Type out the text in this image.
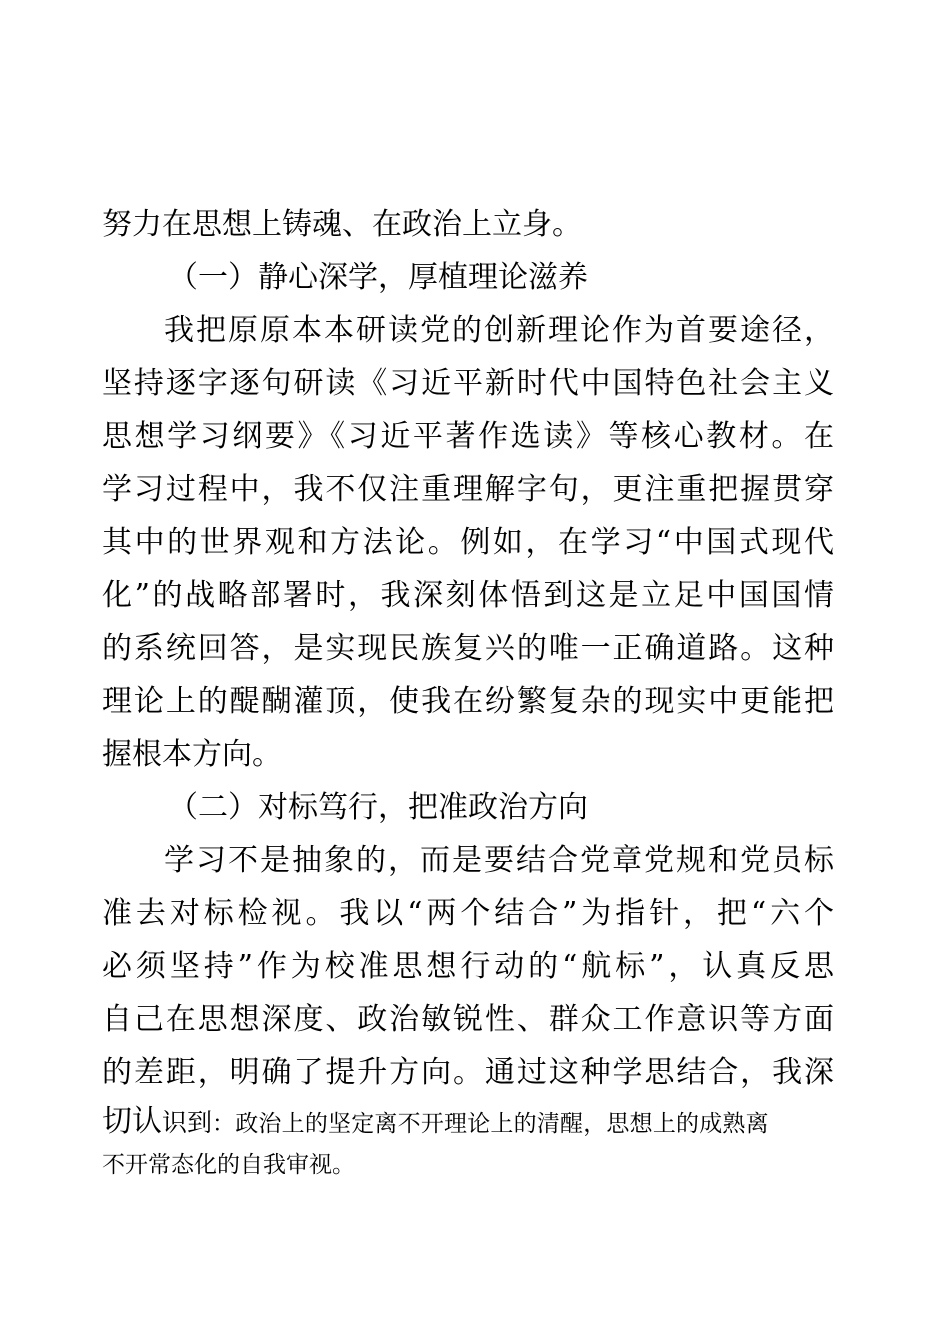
努力在思想上铸魂、在政治上立身。
（一）静心深学，厚植理论滋养
我把原原本本研读党的创新理论作为首要途径，
坚持逐字逐句研读《习近平新时代中国特色社会主义
思想学习纲要》《习近平著作选读》等核心教材。在
学习过程中，我不仅注重理解字句，更注重把握贯穿
其中的世界观和方法论。例如，在学习“中国式现代
化”的战略部署时，我深刻体悟到这是立足中国国情
的系统回答，是实现民族复兴的唯一正确道路。这种
理论上的醍醐灌顶，使我在纷繁复杂的现实中更能把
握根本方向。
（二）对标笃行，把准政治方向
学习不是抽象的，而是要结合党章党规和党员标
准去对标检视。我以“两个结合”为指针，把“六个
必须坚持”作为校准思想行动的“航标”，认真反思
自己在思想深度、政治敏锐性、群众工作意识等方面
的差距，明确了提升方向。通过这种学思结合，我深
切认识到：政治上的坚定离不开理论上的清醒，思想上的成熟离
不开常态化的自我审视。
